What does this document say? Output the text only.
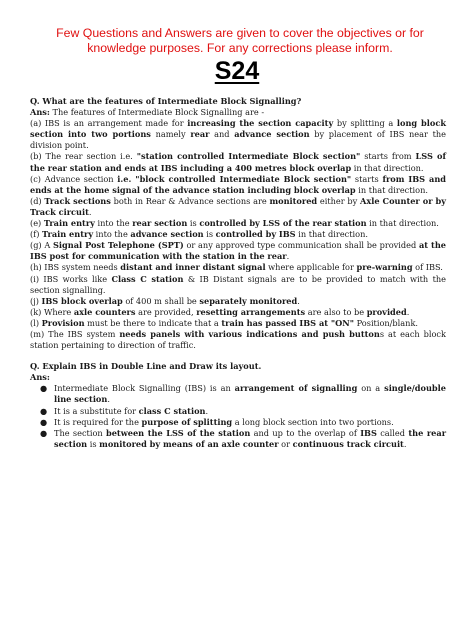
Few Questions and Answers are given to cover the objectives or for knowledge purposes. For any corrections please inform.

S24

Q. What are the features of Intermediate Block Signalling?

Ans: The features of Intermediate Block Signalling are -

(a) IBS is an arrangement made for increasing the section capacity by splitting a long block section into two portions namely rear and advance section by placement of IBS near the division point.

(b) The rear section i.e. "station controlled Intermediate Block section" starts from LSS of the rear station and ends at IBS including a 400 metres block overlap in that direction.

(c) Advance section i.e. "block controlled Intermediate Block section" starts from IBS and ends at the home signal of the advance station including block overlap in that direction.

(d) Track sections both in Rear & Advance sections are monitored either by Axle Counter or by Track circuit.

(e) Train entry into the rear section is controlled by LSS of the rear station in that direction.

(f) Train entry into the advance section is controlled by IBS in that direction.

(g) A Signal Post Telephone (SPT) or any approved type communication shall be provided at the IBS post for communication with the station in the rear.

(h) IBS system needs distant and inner distant signal where applicable for pre-warning of IBS.

(i) IBS works like Class C station & IB Distant signals are to be provided to match with the section signalling.

(j) IBS block overlap of 400 m shall be separately monitored.

(k) Where axle counters are provided, resetting arrangements are also to be provided.

(l) Provision must be there to indicate that a train has passed IBS at "ON" Position/blank.

(m) The IBS system needs panels with various indications and push buttons at each block station pertaining to direction of traffic.

Q. Explain IBS in Double Line and Draw its layout.

Ans:

● Intermediate Block Signalling (IBS) is an arrangement of signalling on a single/double line section.
● It is a substitute for class C station.
● It is required for the purpose of splitting a long block section into two portions.
● The section between the LSS of the station and up to the overlap of IBS called the rear section is monitored by means of an axle counter or continuous track circuit.
